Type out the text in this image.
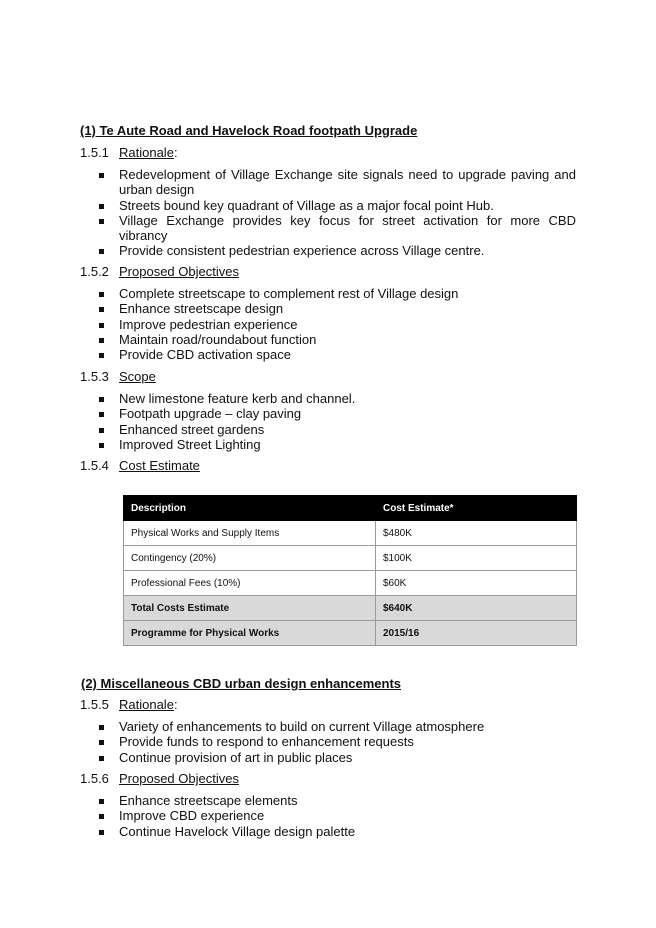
(1) Te Aute Road and Havelock Road footpath Upgrade
1.5.1 Rationale:
Redevelopment of Village Exchange site signals need to upgrade paving and urban design
Streets bound key quadrant of Village as a major focal point Hub.
Village Exchange provides key focus for street activation for more CBD vibrancy
Provide consistent pedestrian experience across Village centre.
1.5.2 Proposed Objectives
Complete streetscape to complement rest of Village design
Enhance streetscape design
Improve pedestrian experience
Maintain road/roundabout function
Provide CBD activation space
1.5.3 Scope
New limestone feature kerb and channel.
Footpath upgrade – clay paving
Enhanced street gardens
Improved Street Lighting
1.5.4 Cost Estimate
Description	Cost Estimate*
Physical Works and Supply Items	$480K
Contingency (20%)	$100K
Professional Fees (10%)	$60K
Total Costs Estimate	$640K
Programme for Physical Works	2015/16
(2) Miscellaneous CBD urban design enhancements
1.5.5 Rationale:
Variety of enhancements to build on current Village atmosphere
Provide funds to respond to enhancement requests
Continue provision of art in public places
1.5.6 Proposed Objectives
Enhance streetscape elements
Improve CBD experience
Continue Havelock Village design palette
